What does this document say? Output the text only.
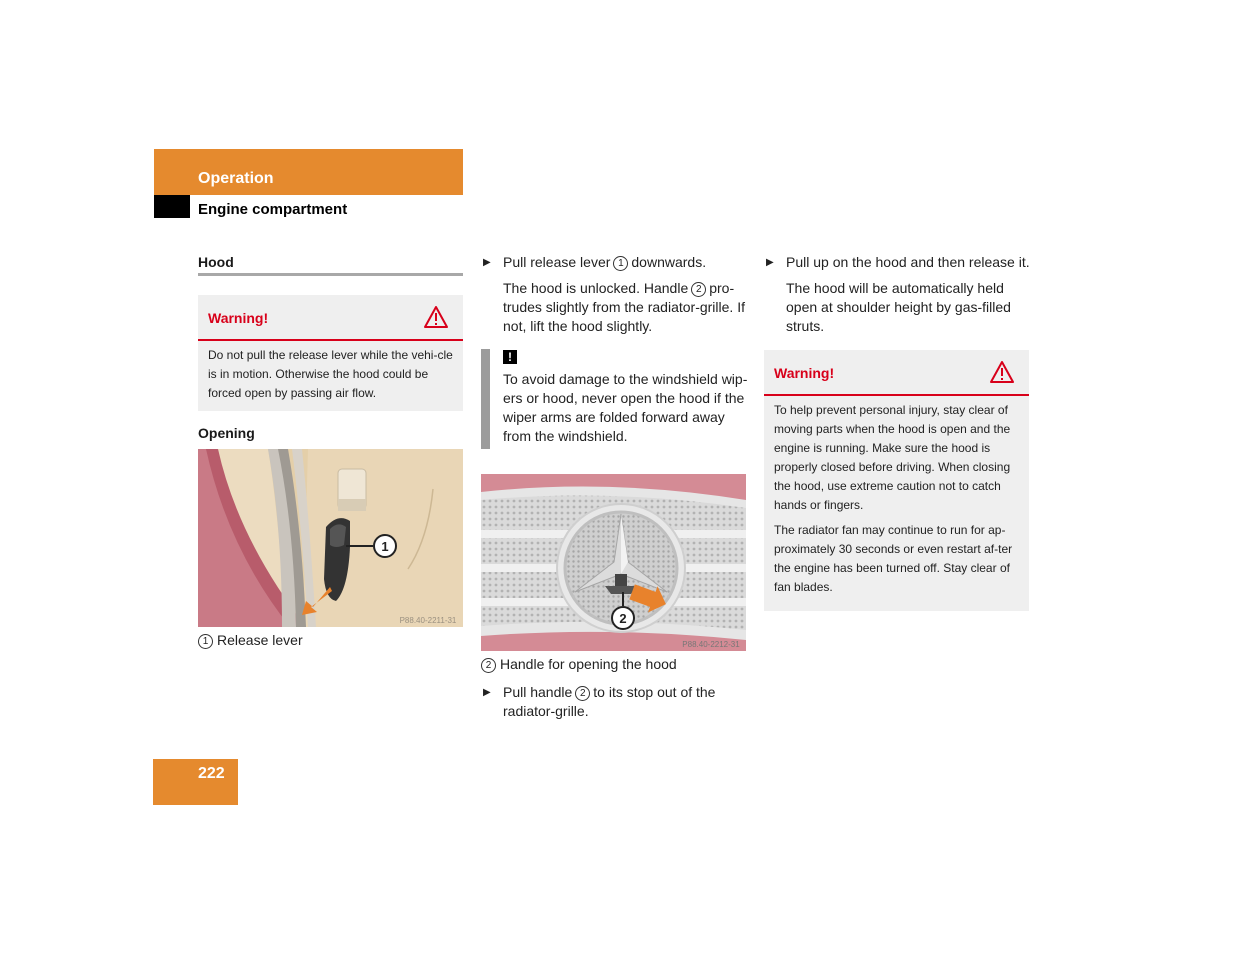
Operation
Engine compartment
Hood
Warning!
Do not pull the release lever while the vehi-cle is in motion. Otherwise the hood could be forced open by passing air flow.
Opening
1
P88.40-2211-31
1 Release lever
▶ Pull release lever 1 downwards.
The hood is unlocked. Handle 2 pro-trudes slightly from the radiator-grille. If not, lift the hood slightly.
!
To avoid damage to the windshield wip-ers or hood, never open the hood if the wiper arms are folded forward away from the windshield.
2
P88.40-2212-31
2 Handle for opening the hood
▶ Pull handle 2 to its stop out of the radiator-grille.
▶ Pull up on the hood and then release it.
The hood will be automatically held open at shoulder height by gas-filled struts.
Warning!

To help prevent personal injury, stay clear of moving parts when the hood is open and the engine is running. Make sure the hood is properly closed before driving. When closing the hood, use extreme caution not to catch hands or fingers.

The radiator fan may continue to run for ap-proximately 30 seconds or even restart af-ter the engine has been turned off. Stay clear of fan blades.

222
